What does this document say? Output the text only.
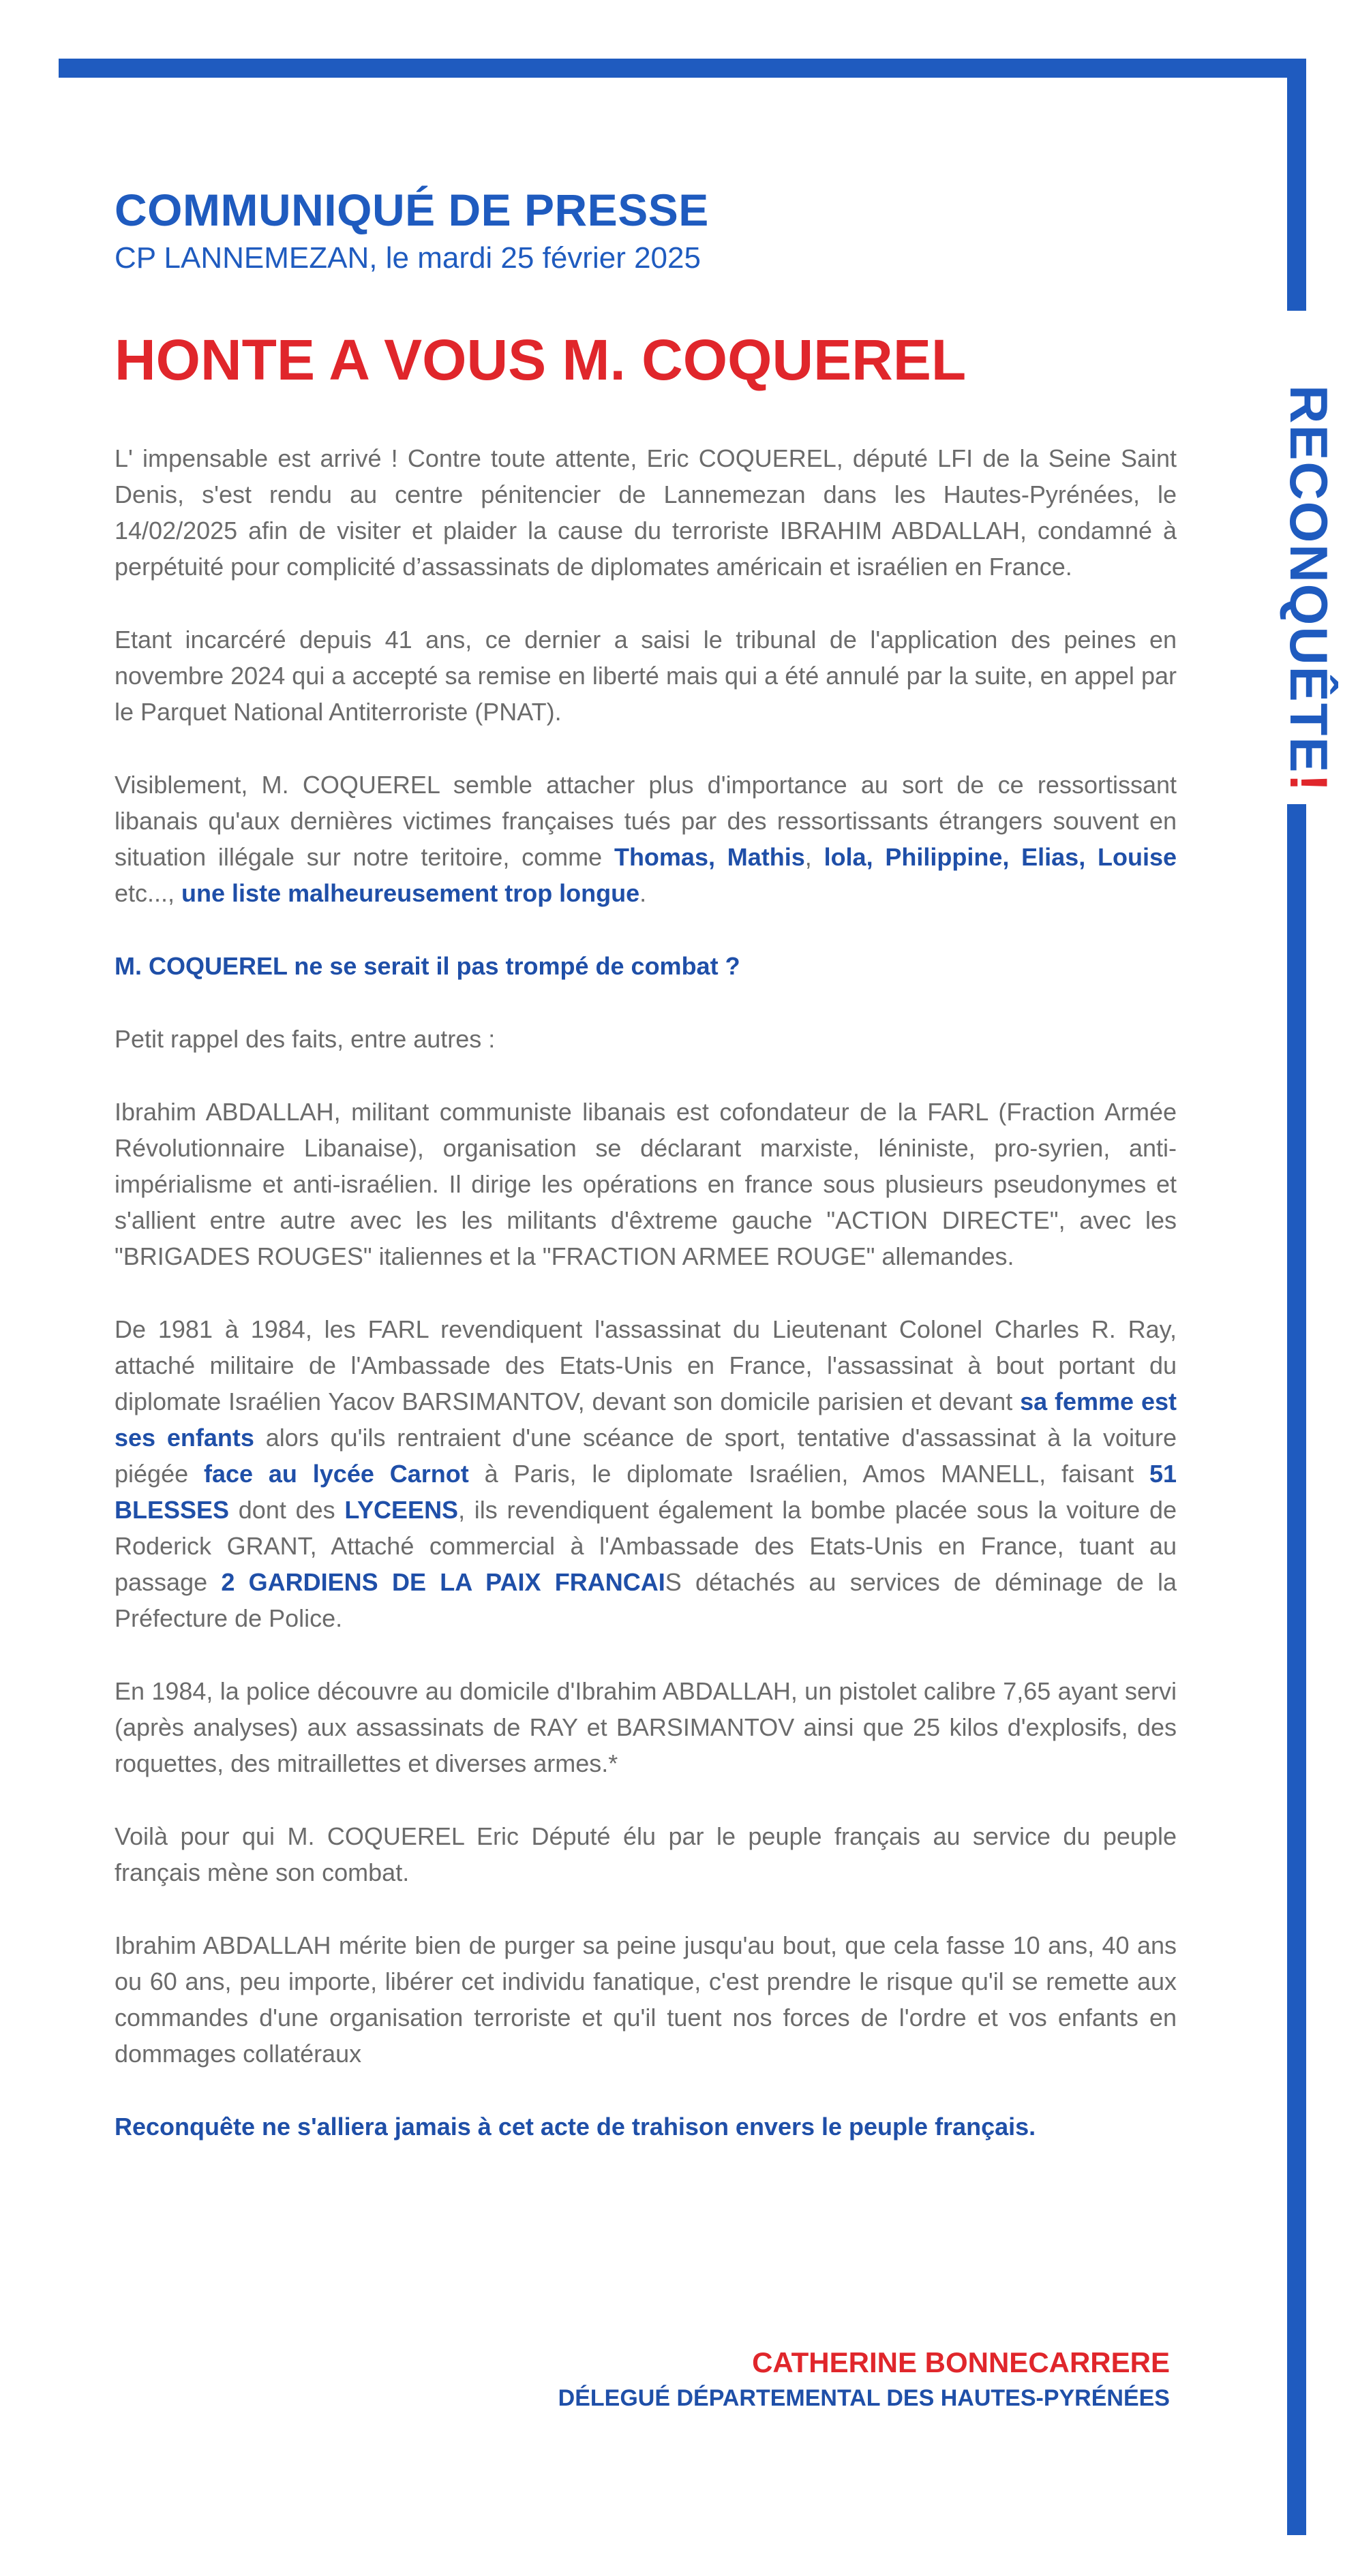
RECONQUÊTE!
COMMUNIQUÉ DE PRESSE
CP LANNEMEZAN, le mardi 25 février 2025
HONTE A VOUS M. COQUEREL

L' impensable est arrivé ! Contre toute attente, Eric COQUEREL, député LFI de la Seine Saint Denis, s'est rendu au centre pénitencier de Lannemezan dans les Hautes-Pyrénées, le 14/02/2025 afin de visiter et plaider la cause du terroriste IBRAHIM ABDALLAH, condamné à perpétuité pour complicité d’assassinats de diplomates américain et israélien en France.

Etant incarcéré depuis 41 ans, ce dernier a saisi le tribunal de l'application des peines en novembre 2024 qui a accepté sa remise en liberté mais qui a été annulé par la suite, en appel par le Parquet National Antiterroriste (PNAT).

Visiblement, M. COQUEREL semble attacher plus d'importance au sort de ce ressortissant libanais qu'aux dernières victimes françaises tués par des ressortissants étrangers souvent en situation illégale sur notre teritoire, comme Thomas, Mathis, lola, Philippine, Elias, Louise etc..., une liste malheureusement trop longue.

M. COQUEREL ne se serait il pas trompé de combat ?

Petit rappel des faits, entre autres :

Ibrahim ABDALLAH, militant communiste libanais est cofondateur de la FARL (Fraction Armée Révolutionnaire Libanaise), organisation se déclarant marxiste, léniniste, pro-syrien, anti-impérialisme et anti-israélien. Il dirige les opérations en france sous plusieurs pseudonymes et s'allient entre autre avec les les militants d'êxtreme gauche "ACTION DIRECTE", avec les "BRIGADES ROUGES" italiennes et la "FRACTION ARMEE ROUGE" allemandes.

De 1981 à 1984, les FARL revendiquent l'assassinat du Lieutenant Colonel Charles R. Ray, attaché militaire de l'Ambassade des Etats-Unis en France, l'assassinat à bout portant du diplomate Israélien Yacov BARSIMANTOV, devant son domicile parisien et devant sa femme est ses enfants alors qu'ils rentraient d'une scéance de sport, tentative d'assassinat à la voiture piégée face au lycée Carnot à Paris, le diplomate Israélien, Amos MANELL, faisant 51 BLESSES dont des LYCEENS, ils revendiquent également la bombe placée sous la voiture de Roderick GRANT, Attaché commercial à l'Ambassade des Etats-Unis en France, tuant au passage 2 GARDIENS DE LA PAIX FRANCAIS détachés au services de déminage de la Préfecture de Police.

En 1984, la police découvre au domicile d'Ibrahim ABDALLAH, un pistolet calibre 7,65 ayant servi (après analyses) aux assassinats de RAY et BARSIMANTOV ainsi que 25 kilos d'explosifs, des roquettes, des mitraillettes et diverses armes.*

Voilà pour qui M. COQUEREL Eric Député élu par le peuple français au service du peuple français mène son combat.

Ibrahim ABDALLAH mérite bien de purger sa peine jusqu'au bout, que cela fasse 10 ans, 40 ans ou 60 ans, peu importe, libérer cet individu fanatique, c'est prendre le risque qu'il se remette aux commandes d'une organisation terroriste et qu'il tuent nos forces de l'ordre et vos enfants en dommages collatéraux

Reconquête ne s'alliera jamais à cet acte de trahison envers le peuple français.

CATHERINE BONNECARRERE
DÉLEGUÉ DÉPARTEMENTAL DES HAUTES-PYRÉNÉES
